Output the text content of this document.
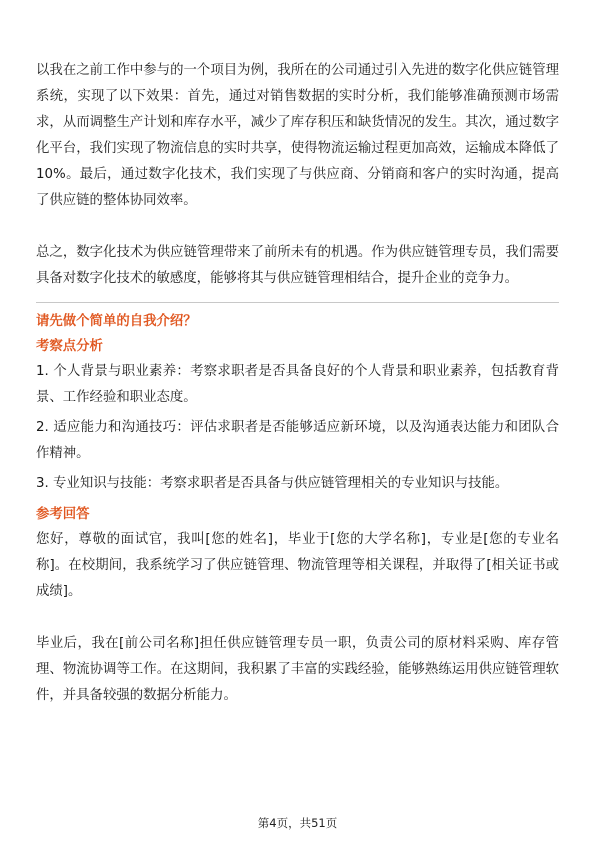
以我在之前工作中参与的一个项目为例，我所在的公司通过引入先进的数字化供应链管理系统，实现了以下效果：首先，通过对销售数据的实时分析，我们能够准确预测市场需求，从而调整生产计划和库存水平，减少了库存积压和缺货情况的发生。其次，通过数字化平台，我们实现了物流信息的实时共享，使得物流运输过程更加高效，运输成本降低了10%。最后，通过数字化技术，我们实现了与供应商、分销商和客户的实时沟通，提高了供应链的整体协同效率。

总之，数字化技术为供应链管理带来了前所未有的机遇。作为供应链管理专员，我们需要具备对数字化技术的敏感度，能够将其与供应链管理相结合，提升企业的竞争力。

请先做个简单的自我介绍？
考察点分析
1. 个人背景与职业素养：考察求职者是否具备良好的个人背景和职业素养，包括教育背景、工作经验和职业态度。
2. 适应能力和沟通技巧：评估求职者是否能够适应新环境，以及沟通表达能力和团队合作精神。
3. 专业知识与技能：考察求职者是否具备与供应链管理相关的专业知识与技能。
参考回答

您好，尊敬的面试官，我叫[您的姓名]，毕业于[您的大学名称]，专业是[您的专业名称]。在校期间，我系统学习了供应链管理、物流管理等相关课程，并取得了[相关证书或成绩]。

毕业后，我在[前公司名称]担任供应链管理专员一职，负责公司的原材料采购、库存管理、物流协调等工作。在这期间，我积累了丰富的实践经验，能够熟练运用供应链管理软件，并具备较强的数据分析能力。

第4页，共51页
